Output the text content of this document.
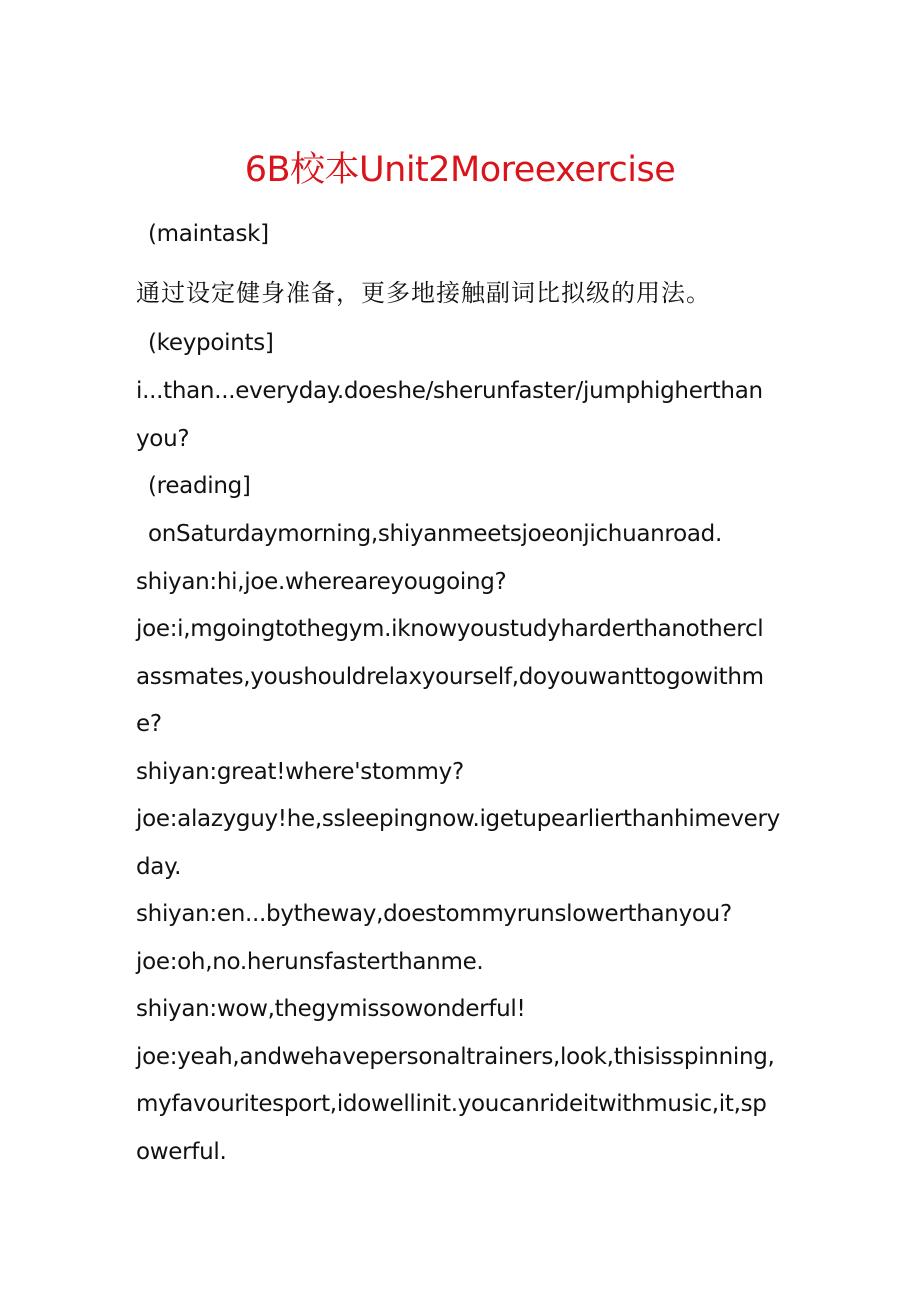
6B校本Unit2Moreexercise
(maintask]
通过设定健身准备，更多地接触副词比拟级的用法。
(keypoints]
i...than...everyday.doeshe/sherunfaster/jumphigherthan
you?
(reading]
onSaturdaymorning,shiyanmeetsjoeonjichuanroad.
shiyan:hi,joe.whereareyougoing?
joe:i,mgoingtothegym.iknowyoustudyharderthanothercl
assmates,youshouldrelaxyourself,doyouwanttogowithm
e?
shiyan:great!where'stommy?
joe:alazyguy!he,ssleepingnow.igetupearlierthanhimevery
day.
shiyan:en...bytheway,doestommyrunslowerthanyou?
joe:oh,no.herunsfasterthanme.
shiyan:wow,thegymissowonderful!
joe:yeah,andwehavepersonaltrainers,look,thisisspinning,
myfavouritesport,idowellinit.youcanrideitwithmusic,it,sp
owerful.
